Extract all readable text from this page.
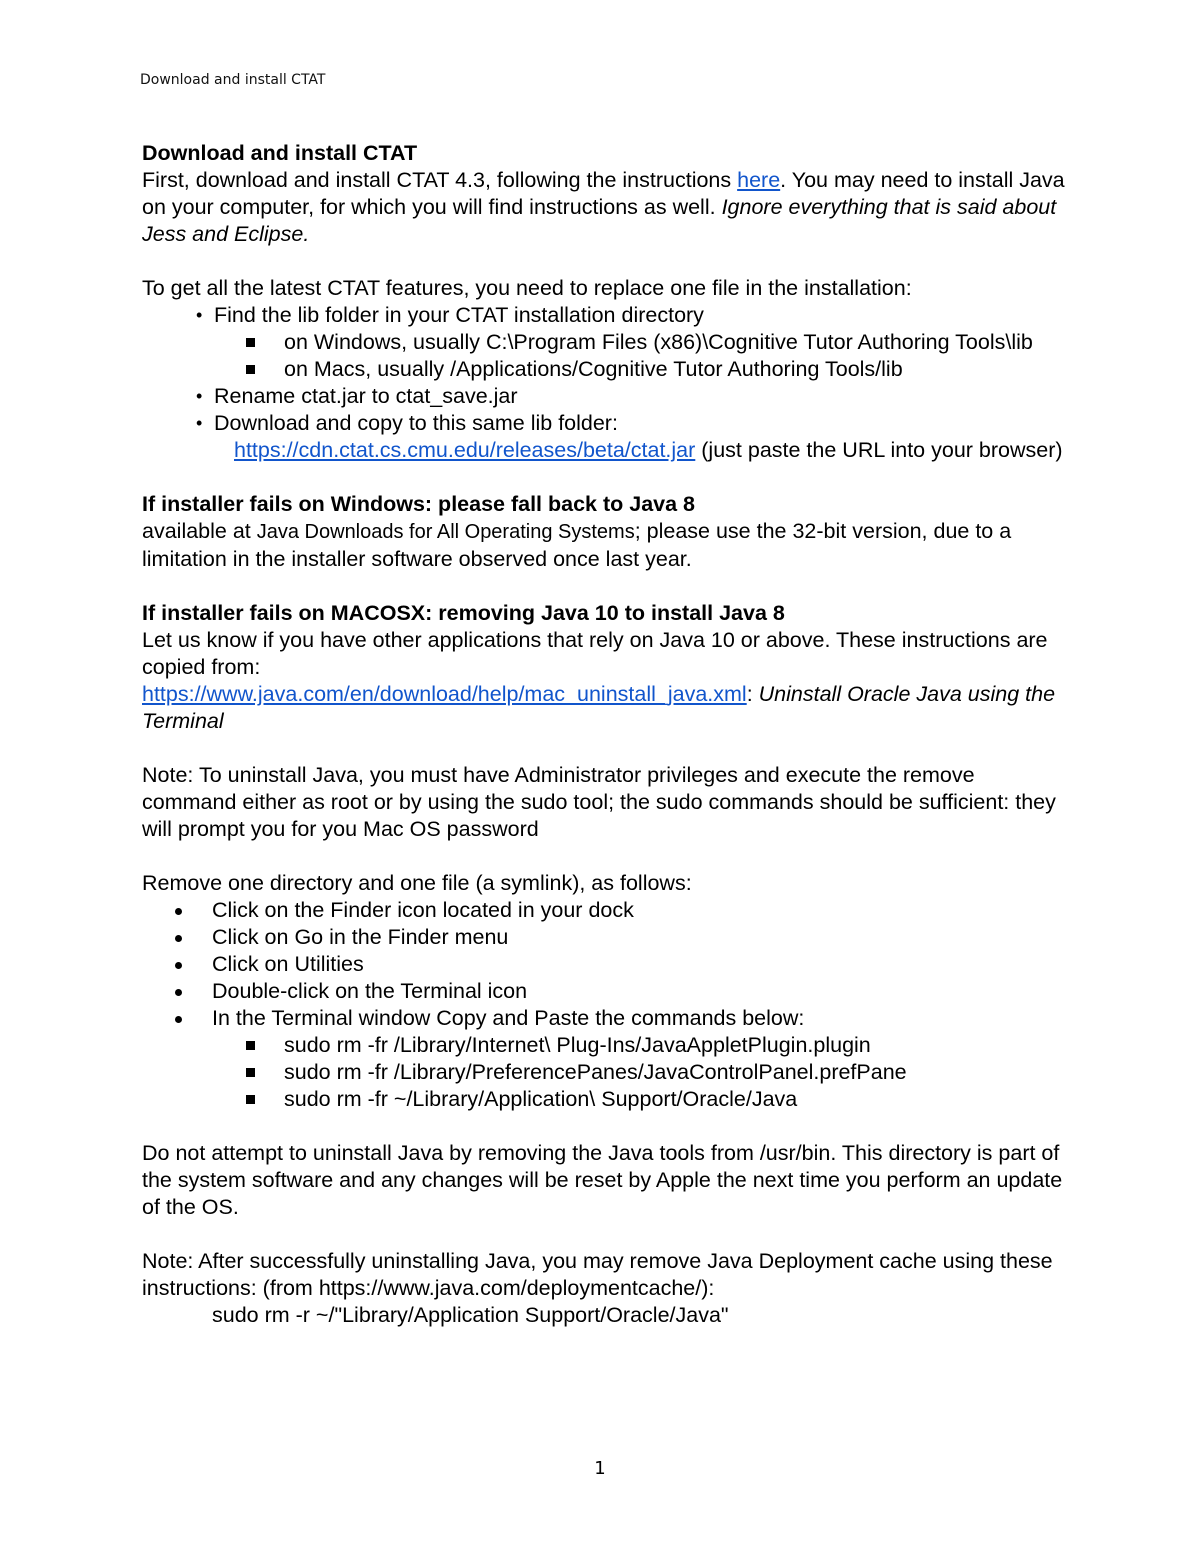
Download and install CTAT

Download and install CTAT

First, download and install CTAT 4.3, following the instructions here. You may need to install Java on your computer, for which you will find instructions as well. Ignore everything that is said about Jess and Eclipse.

To get all the latest CTAT features, you need to replace one file in the installation:

• Find the lib folder in your CTAT installation directory
on Windows, usually C:\Program Files (x86)\Cognitive Tutor Authoring Tools\lib
on Macs, usually /Applications/Cognitive Tutor Authoring Tools/lib
• Rename ctat.jar to ctat_save.jar
• Download and copy to this same lib folder:

https://cdn.ctat.cs.cmu.edu/releases/beta/ctat.jar (just paste the URL into your browser)

If installer fails on Windows: please fall back to Java 8

available at Java Downloads for All Operating Systems; please use the 32-bit version, due to a limitation in the installer software observed once last year.

If installer fails on MACOSX: removing Java 10 to install Java 8

Let us know if you have other applications that rely on Java 10 or above. These instructions are copied from:
https://www.java.com/en/download/help/mac_uninstall_java.xml: Uninstall Oracle Java using the Terminal

Note: To uninstall Java, you must have Administrator privileges and execute the remove command either as root or by using the sudo tool; the sudo commands should be sufficient: they will prompt you for you Mac OS password

Remove one directory and one file (a symlink), as follows:

Click on the Finder icon located in your dock
Click on Go in the Finder menu
Click on Utilities
Double-click on the Terminal icon
In the Terminal window Copy and Paste the commands below:
sudo rm -fr /Library/Internet\ Plug-Ins/JavaAppletPlugin.plugin
sudo rm -fr /Library/PreferencePanes/JavaControlPanel.prefPane
sudo rm -fr ~/Library/Application\ Support/Oracle/Java

Do not attempt to uninstall Java by removing the Java tools from /usr/bin. This directory is part of the system software and any changes will be reset by Apple the next time you perform an update of the OS.

Note: After successfully uninstalling Java, you may remove Java Deployment cache using these instructions: (from https://www.java.com/deploymentcache/):

sudo rm -r ~/"Library/Application Support/Oracle/Java"

1
